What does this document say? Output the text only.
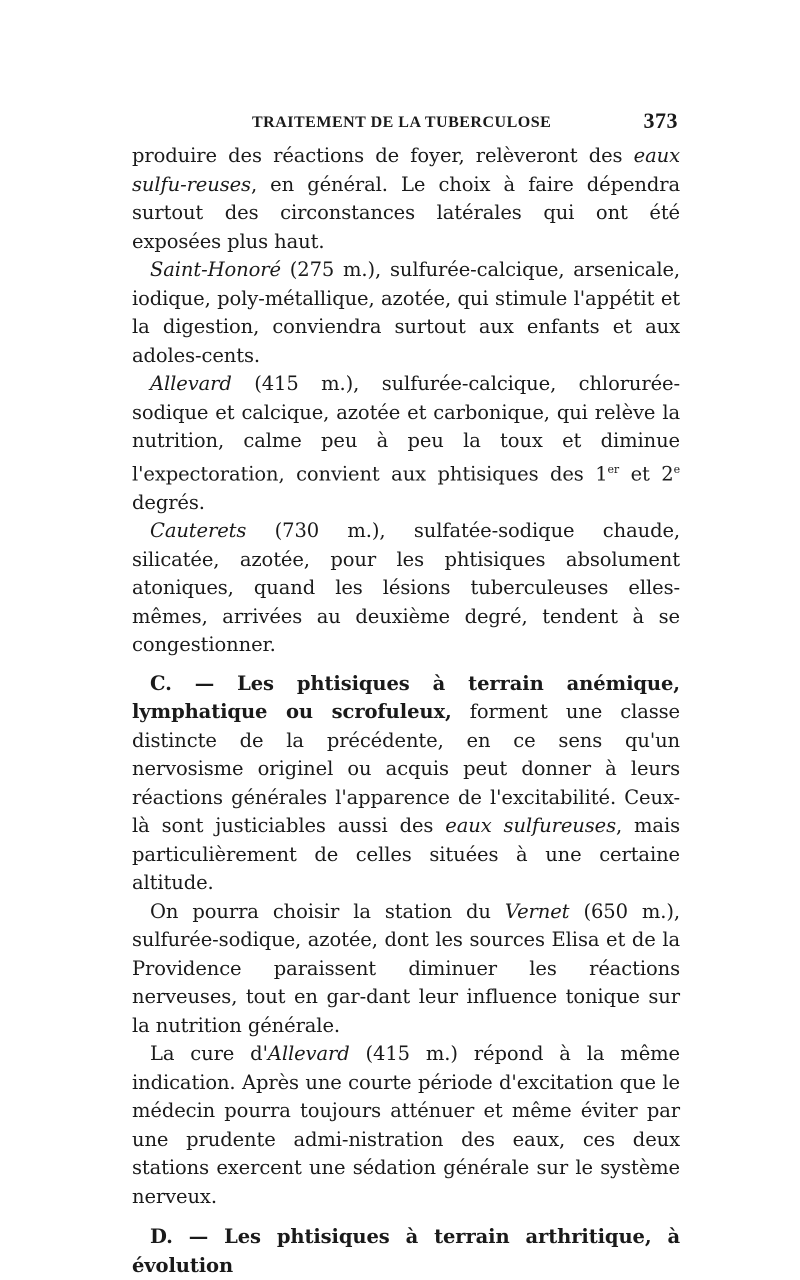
TRAITEMENT DE LA TUBERCULOSE	373

produire des réactions de foyer, relèveront des eaux sulfu-reuses, en général. Le choix à faire dépendra surtout des circonstances latérales qui ont été exposées plus haut.

Saint-Honoré (275 m.), sulfurée-calcique, arsenicale, iodique, poly-métallique, azotée, qui stimule l'appétit et la digestion, conviendra surtout aux enfants et aux adoles-cents.

Allevard (415 m.), sulfurée-calcique, chlorurée-sodique et calcique, azotée et carbonique, qui relève la nutrition, calme peu à peu la toux et diminue l'expectoration, convient aux phtisiques des 1er et 2e degrés.

Cauterets (730 m.), sulfatée-sodique chaude, silicatée, azotée, pour les phtisiques absolument atoniques, quand les lésions tuberculeuses elles-mêmes, arrivées au deuxième degré, tendent à se congestionner.

C. — Les phtisiques à terrain anémique, lymphatique ou scrofuleux, forment une classe distincte de la précédente, en ce sens qu'un nervosisme originel ou acquis peut donner à leurs réactions générales l'apparence de l'excitabilité. Ceux-là sont justiciables aussi des eaux sulfureuses, mais particulièrement de celles situées à une certaine altitude.

On pourra choisir la station du Vernet (650 m.), sulfurée-sodique, azotée, dont les sources Elisa et de la Providence paraissent diminuer les réactions nerveuses, tout en gar-dant leur influence tonique sur la nutrition générale.

La cure d'Allevard (415 m.) répond à la même indication. Après une courte période d'excitation que le médecin pourra toujours atténuer et même éviter par une prudente admi-nistration des eaux, ces deux stations exercent une sédation générale sur le système nerveux.

D. — Les phtisiques à terrain arthritique, à évolution
